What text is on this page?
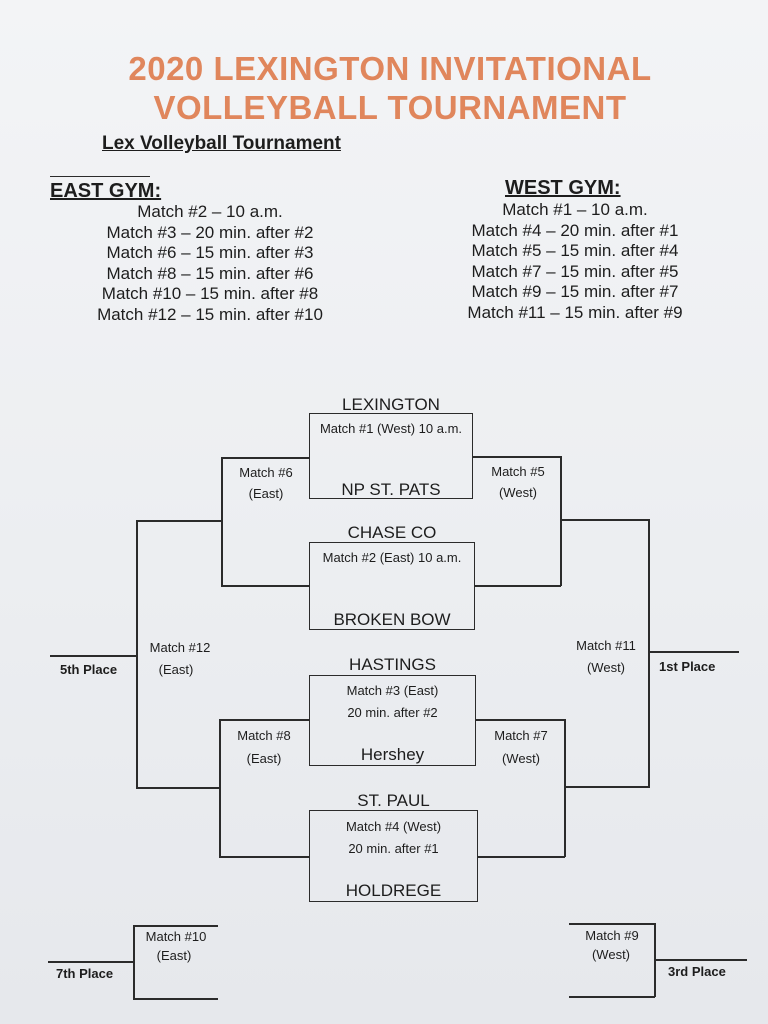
2020 LEXINGTON INVITATIONAL
VOLLEYBALL TOURNAMENT
Lex Volleyball Tournament
EAST GYM:
Match #2 – 10 a.m.
Match #3 – 20 min. after #2
Match #6 – 15 min. after #3
Match #8 – 15 min. after #6
Match #10 – 15 min. after #8
Match #12 – 15 min. after #10
WEST GYM:
Match #1 – 10 a.m.
Match #4 – 20 min. after #1
Match #5 – 15 min. after #4
Match #7 – 15 min. after #5
Match #9 – 15 min. after #7
Match #11 – 15 min. after #9
LEXINGTON
Match #1 (West) 10 a.m.
NP ST. PATS
CHASE CO
Match #2 (East) 10 a.m.
BROKEN BOW
Match #6
(East)
Match #5
(West)
HASTINGS
Match #3 (East)
20 min. after #2
Hershey
ST. PAUL
Match #4 (West)
20 min. after #1
HOLDREGE
Match #8
(East)
Match #7
(West)
Match #12
(East)
5th Place
Match #11
(West)	1st Place
Match #10
(East)
7th Place
Match #9
(West)
3rd Place
